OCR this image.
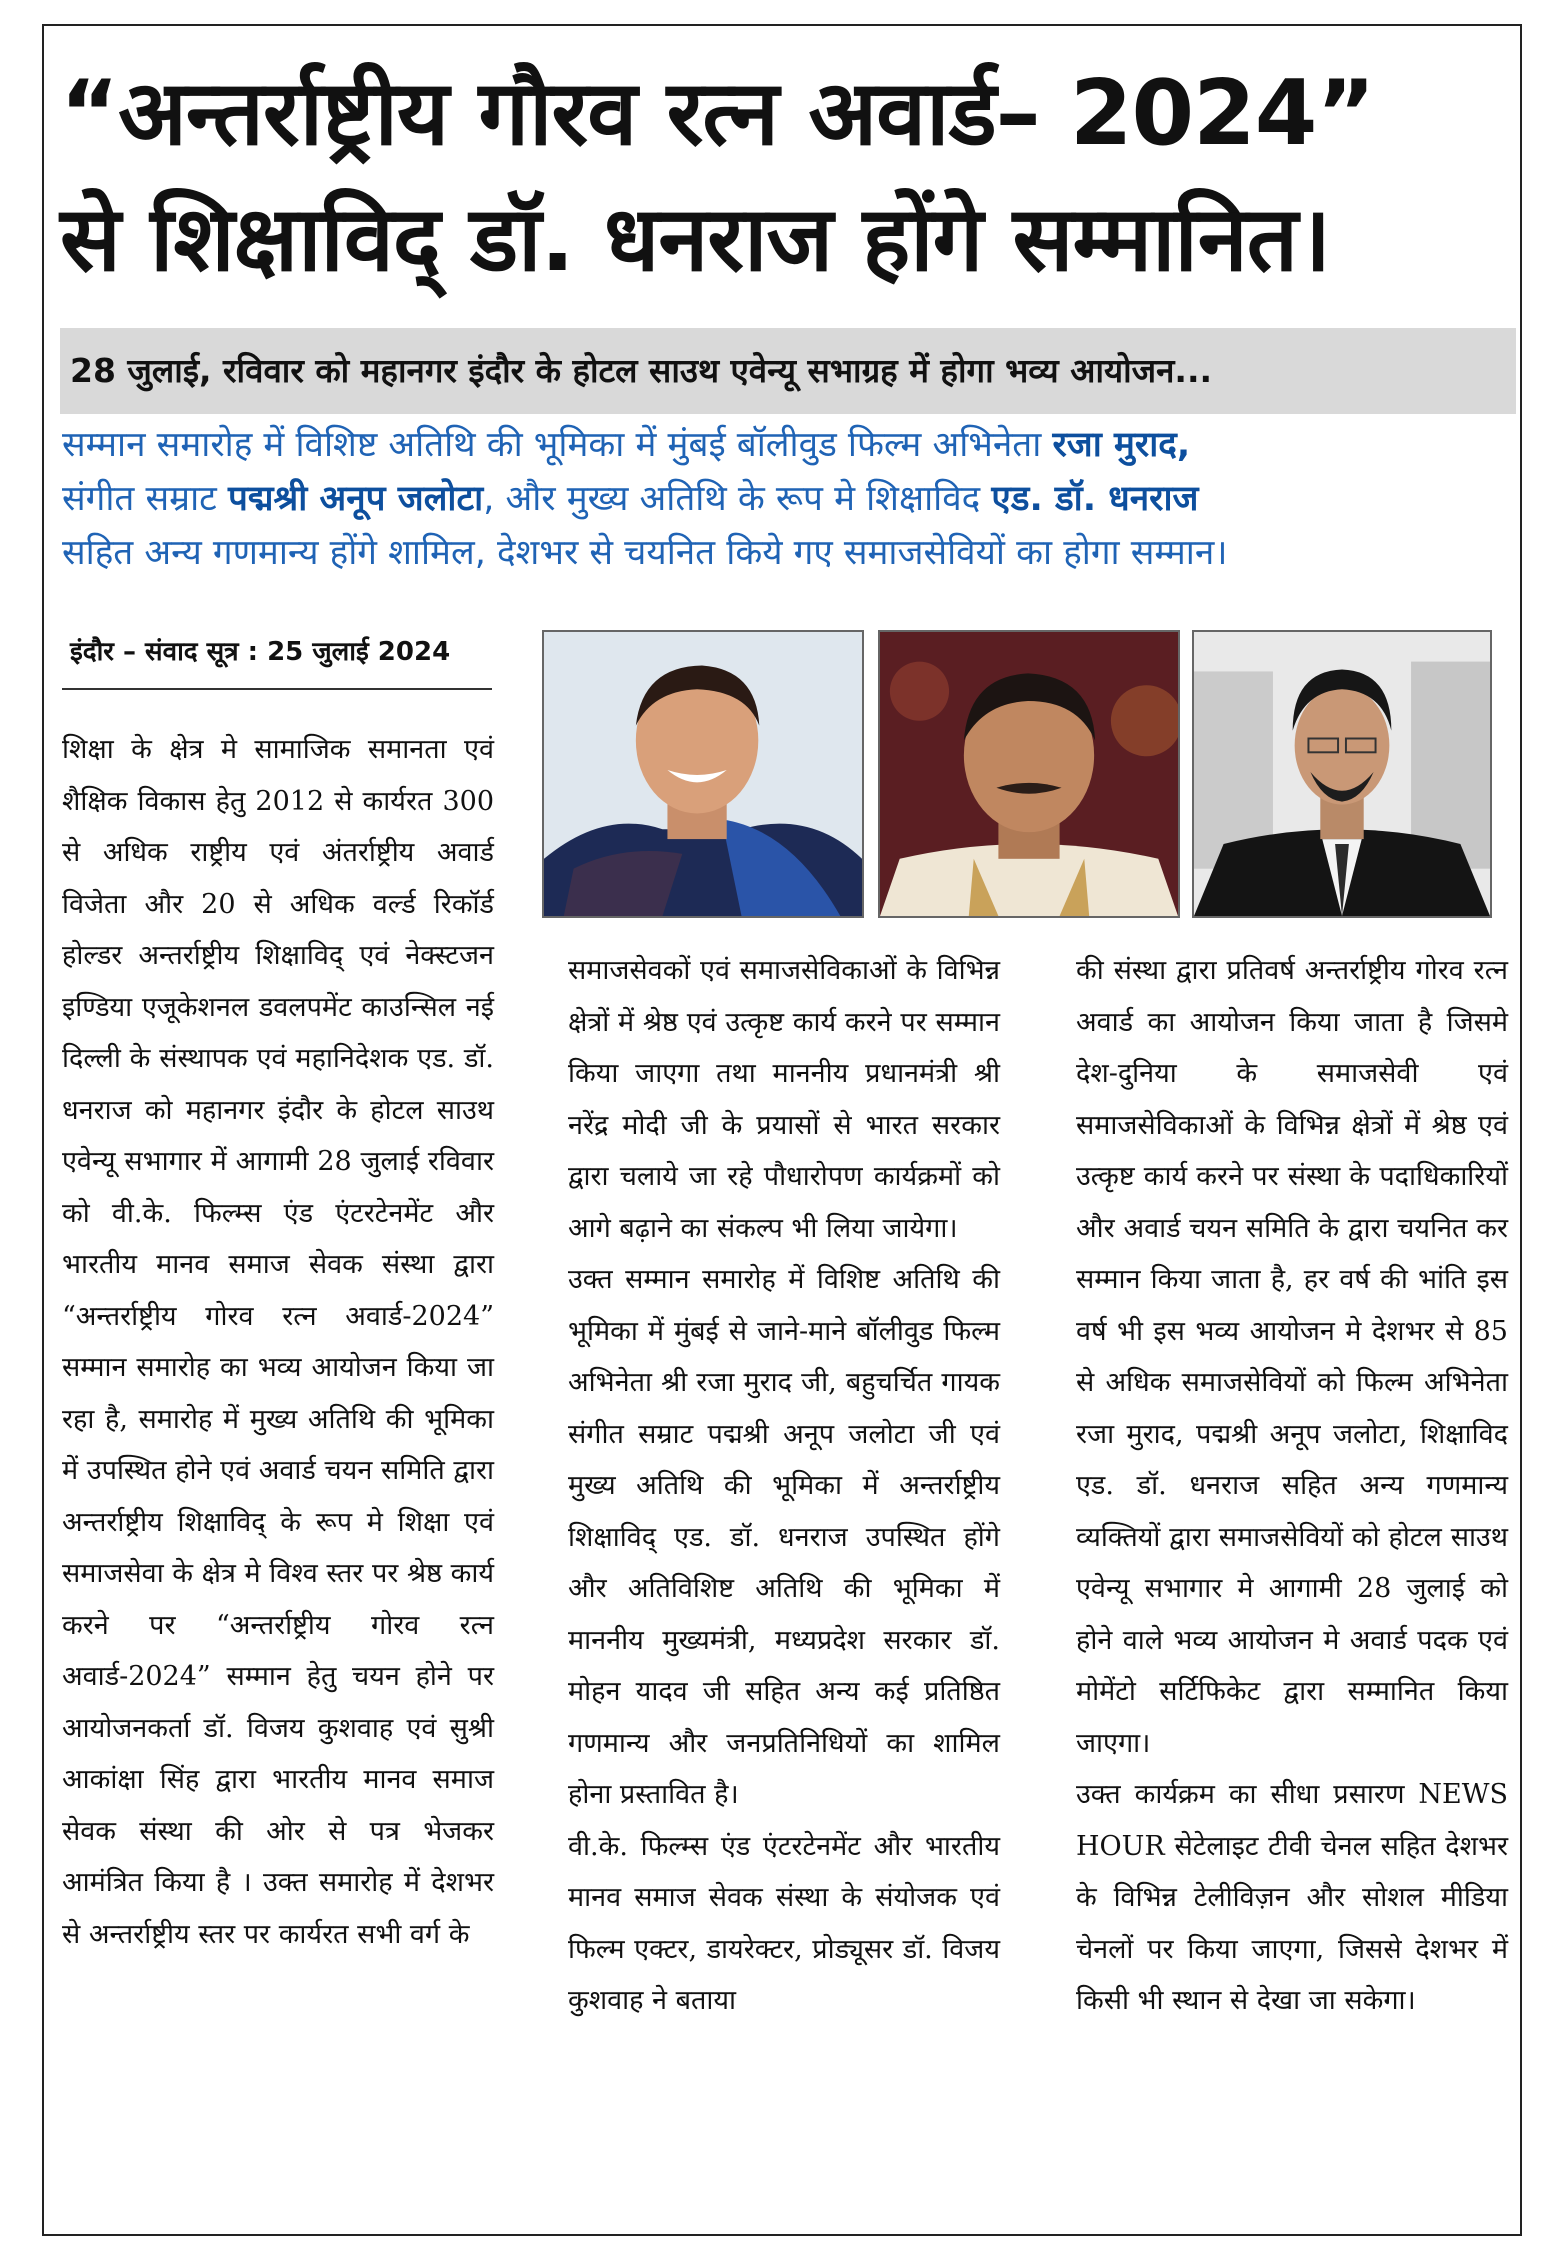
“अन्तर्राष्ट्रीय गौरव रत्न अवार्ड– 2024”
से शिक्षाविद् डॉ. धनराज होंगे सम्मानित।
28 जुलाई, रविवार को महानगर इंदौर के होटल साउथ एवेन्यू सभाग्रह में होगा भव्य आयोजन...
सम्मान समारोह में विशिष्ट अतिथि की भूमिका में मुंबई बॉलीवुड फिल्म अभिनेता रजा मुराद,
संगीत सम्राट पद्मश्री अनूप जलोटा, और मुख्य अतिथि के रूप मे शिक्षाविद एड. डॉ. धनराज
सहित अन्य गणमान्य होंगे शामिल, देशभर से चयनित किये गए समाजसेवियों का होगा सम्मान।
इंदौर – संवाद सूत्र : 25 जुलाई 2024

शिक्षा के क्षेत्र मे सामाजिक समानता एवं शैक्षिक विकास हेतु 2012 से कार्यरत 300 से अधिक राष्ट्रीय एवं अंतर्राष्ट्रीय अवार्ड विजेता और 20 से अधिक वर्ल्ड रिकॉर्ड होल्डर अन्तर्राष्ट्रीय शिक्षाविद् एवं नेक्स्टजन इण्डिया एजूकेशनल डवलपमेंट काउन्सिल नई दिल्ली के संस्थापक एवं महानिदेशक एड. डॉ. धनराज को महानगर इंदौर के होटल साउथ एवेन्यू सभागार में आगामी 28 जुलाई रविवार को वी.के. फिल्म्स एंड एंटरटेनमेंट और भारतीय मानव समाज सेवक संस्था द्वारा “अन्तर्राष्ट्रीय गोरव रत्न अवार्ड-2024” सम्मान समारोह का भव्य आयोजन किया जा रहा है, समारोह में मुख्य अतिथि की भूमिका में उपस्थित होने एवं अवार्ड चयन समिति द्वारा अन्तर्राष्ट्रीय शिक्षाविद् के रूप मे शिक्षा एवं समाजसेवा के क्षेत्र मे विश्व स्तर पर श्रेष्ठ कार्य करने पर “अन्तर्राष्ट्रीय गोरव रत्न अवार्ड-2024” सम्मान हेतु चयन होने पर आयोजनकर्ता डॉ. विजय कुशवाह एवं सुश्री आकांक्षा सिंह द्वारा भारतीय मानव समाज सेवक संस्था की ओर से पत्र भेजकर आमंत्रित किया है । उक्त समारोह में देशभर से अन्तर्राष्ट्रीय स्तर पर कार्यरत सभी वर्ग के

समाजसेवकों एवं समाजसेविकाओं के विभिन्न क्षेत्रों में श्रेष्ठ एवं उत्कृष्ट कार्य करने पर सम्मान किया जाएगा तथा माननीय प्रधानमंत्री श्री नरेंद्र मोदी जी के प्रयासों से भारत सरकार द्वारा चलाये जा रहे पौधारोपण कार्यक्रमों को आगे बढ़ाने का संकल्प भी लिया जायेगा।

उक्त सम्मान समारोह में विशिष्ट अतिथि की भूमिका में मुंबई से जाने-माने बॉलीवुड फिल्म अभिनेता श्री रजा मुराद जी, बहुचर्चित गायक संगीत सम्राट पद्मश्री अनूप जलोटा जी एवं मुख्य अतिथि की भूमिका में अन्तर्राष्ट्रीय शिक्षाविद् एड. डॉ. धनराज उपस्थित होंगे और अतिविशिष्ट अतिथि की भूमिका में माननीय मुख्यमंत्री, मध्यप्रदेश सरकार डॉ. मोहन यादव जी सहित अन्य कई प्रतिष्ठित गणमान्य और जनप्रतिनिधियों का शामिल होना प्रस्तावित है।

वी.के. फिल्म्स एंड एंटरटेनमेंट और भारतीय मानव समाज सेवक संस्था के संयोजक एवं फिल्म एक्टर, डायरेक्टर, प्रोड्यूसर डॉ. विजय कुशवाह ने बताया

की संस्था द्वारा प्रतिवर्ष अन्तर्राष्ट्रीय गोरव रत्न अवार्ड का आयोजन किया जाता है जिसमे देश-दुनिया के समाजसेवी एवं समाजसेविकाओं के विभिन्न क्षेत्रों में श्रेष्ठ एवं उत्कृष्ट कार्य करने पर संस्था के पदाधिकारियों और अवार्ड चयन समिति के द्वारा चयनित कर सम्मान किया जाता है, हर वर्ष की भांति इस वर्ष भी इस भव्य आयोजन मे देशभर से 85 से अधिक समाजसेवियों को फिल्म अभिनेता रजा मुराद, पद्मश्री अनूप जलोटा, शिक्षाविद एड. डॉ. धनराज सहित अन्य गणमान्य व्यक्तियों द्वारा समाजसेवियों को होटल साउथ एवेन्यू सभागार मे आगामी 28 जुलाई को होने वाले भव्य आयोजन मे अवार्ड पदक एवं मोमेंटो सर्टिफिकेट द्वारा सम्मानित किया जाएगा।

उक्त कार्यक्रम का सीधा प्रसारण NEWS HOUR सेटेलाइट टीवी चेनल सहित देशभर के विभिन्न टेलीविज़न और सोशल मीडिया चेनलों पर किया जाएगा, जिससे देशभर में किसी भी स्थान से देखा जा सकेगा।
